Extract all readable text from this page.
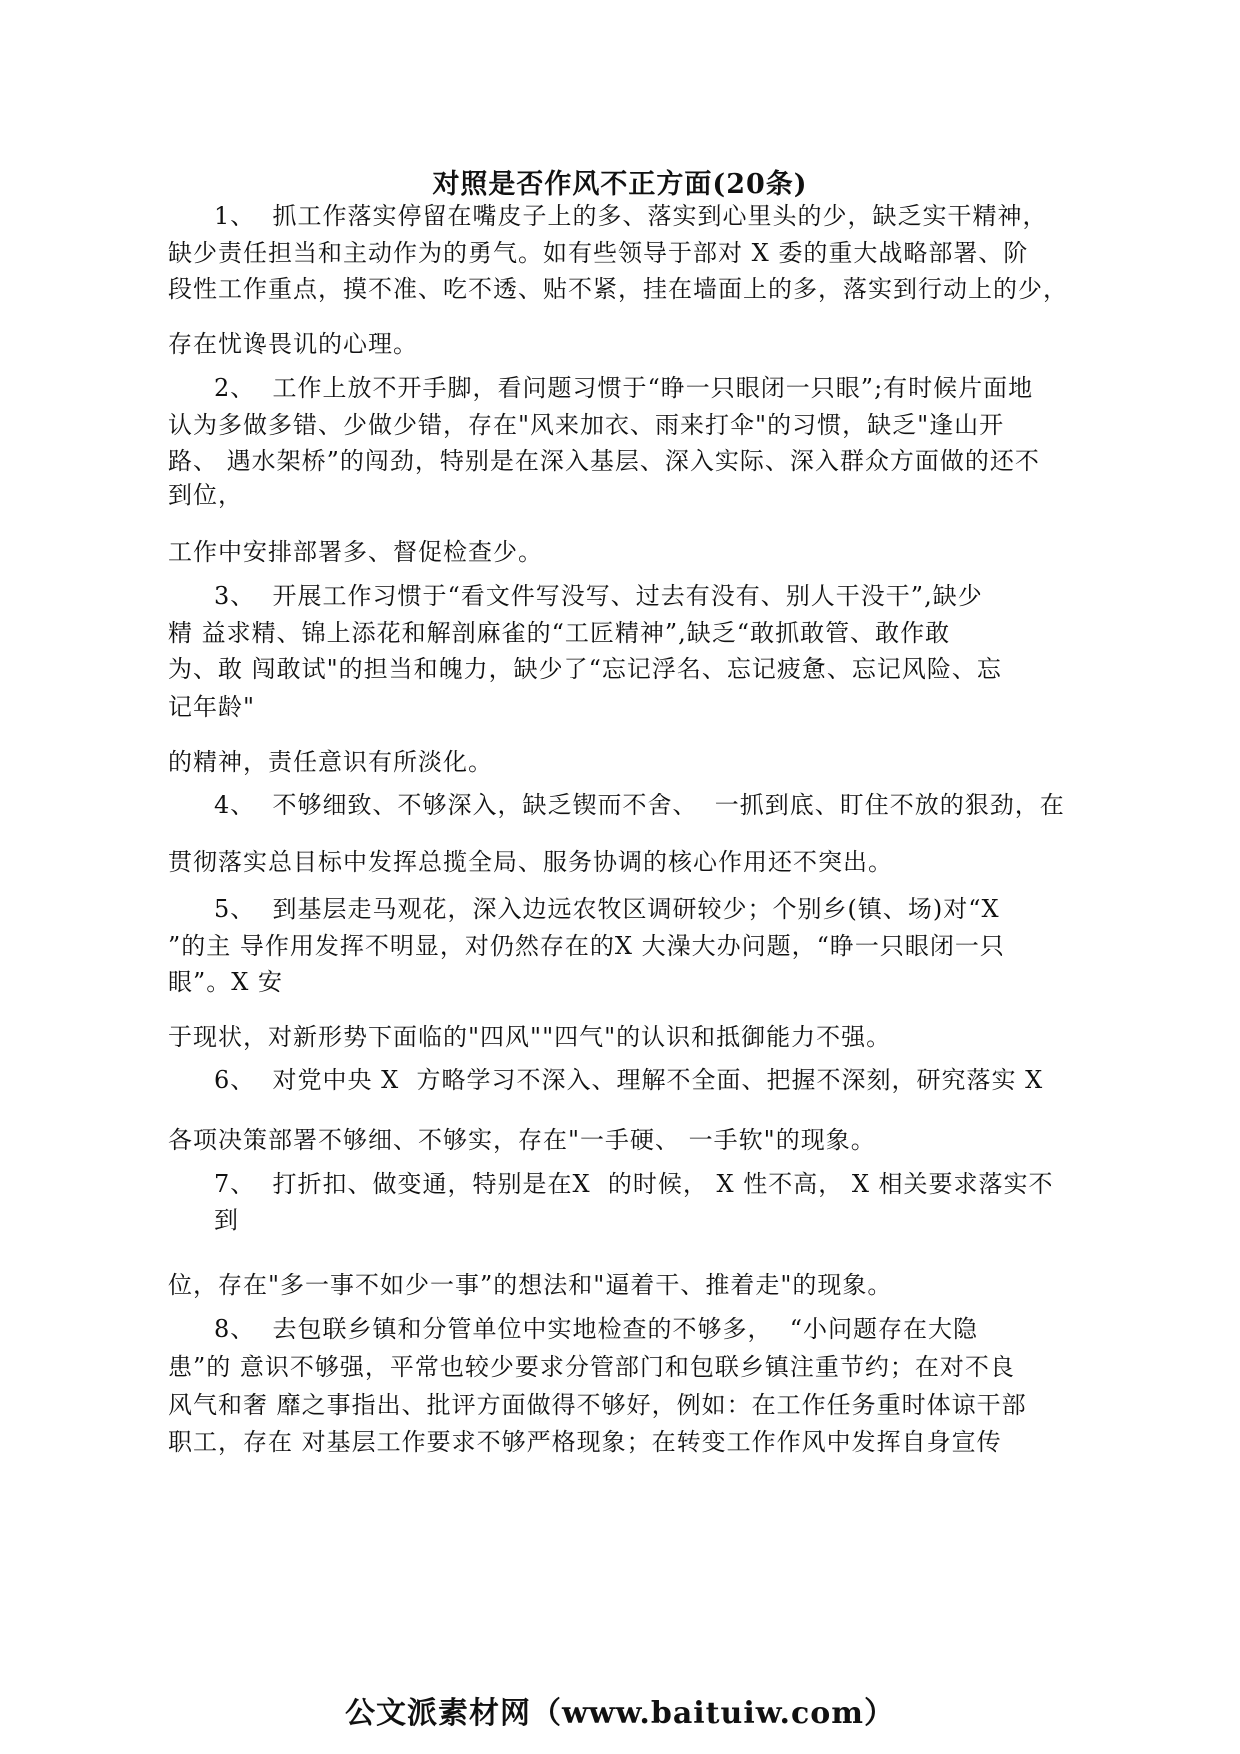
对照是否作风不正方面(20条)
1、  抓工作落实停留在嘴皮子上的多、落实到心里头的少，缺乏实干精神，
缺少责任担当和主动作为的勇气。如有些领导于部对 X 委的重大战略部署、阶
段性工作重点，摸不准、吃不透、贴不紧，挂在墙面上的多，落实到行动上的少，
存在忧谗畏讥的心理。
2、  工作上放不开手脚，看问题习惯于“睁一只眼闭一只眼”;有时候片面地
认为多做多错、少做少错，存在"风来加衣、雨来打伞"的习惯，缺乏"逢山开
路、 遇水架桥”的闯劲，特别是在深入基层、深入实际、深入群众方面做的还不
到位，
工作中安排部署多、督促检查少。
3、  开展工作习惯于“看文件写没写、过去有没有、别人干没干”,缺少
精 益求精、锦上添花和解剖麻雀的“工匠精神”,缺乏“敢抓敢管、敢作敢
为、敢 闯敢试"的担当和魄力，缺少了“忘记浮名、忘记疲惫、忘记风险、忘
记年龄"
的精神，责任意识有所淡化。
4、  不够细致、不够深入，缺乏锲而不舍、  一抓到底、盯住不放的狠劲，在
贯彻落实总目标中发挥总揽全局、服务协调的核心作用还不突出。
5、  到基层走马观花，深入边远农牧区调研较少；个别乡(镇、场)对“X
”的主 导作用发挥不明显，对仍然存在的X 大澡大办问题，“睁一只眼闭一只
眼”。X 安
于现状，对新形势下面临的"四风""四气"的认识和抵御能力不强。
6、  对党中央 X  方略学习不深入、理解不全面、把握不深刻，研究落实 X
各项决策部署不够细、不够实，存在"一手硬、 一手软"的现象。
7、  打折扣、做变通，特别是在X  的时候， X 性不高， X 相关要求落实不
到
位，存在"多一事不如少一事”的想法和"逼着干、推着走"的现象。
8、  去包联乡镇和分管单位中实地检查的不够多，  “小问题存在大隐
患”的 意识不够强，平常也较少要求分管部门和包联乡镇注重节约；在对不良
风气和奢 靡之事指出、批评方面做得不够好，例如：在工作任务重时体谅干部
职工，存在 对基层工作要求不够严格现象；在转变工作作风中发挥自身宣传
公文派素材网（www.baituiw.com）
